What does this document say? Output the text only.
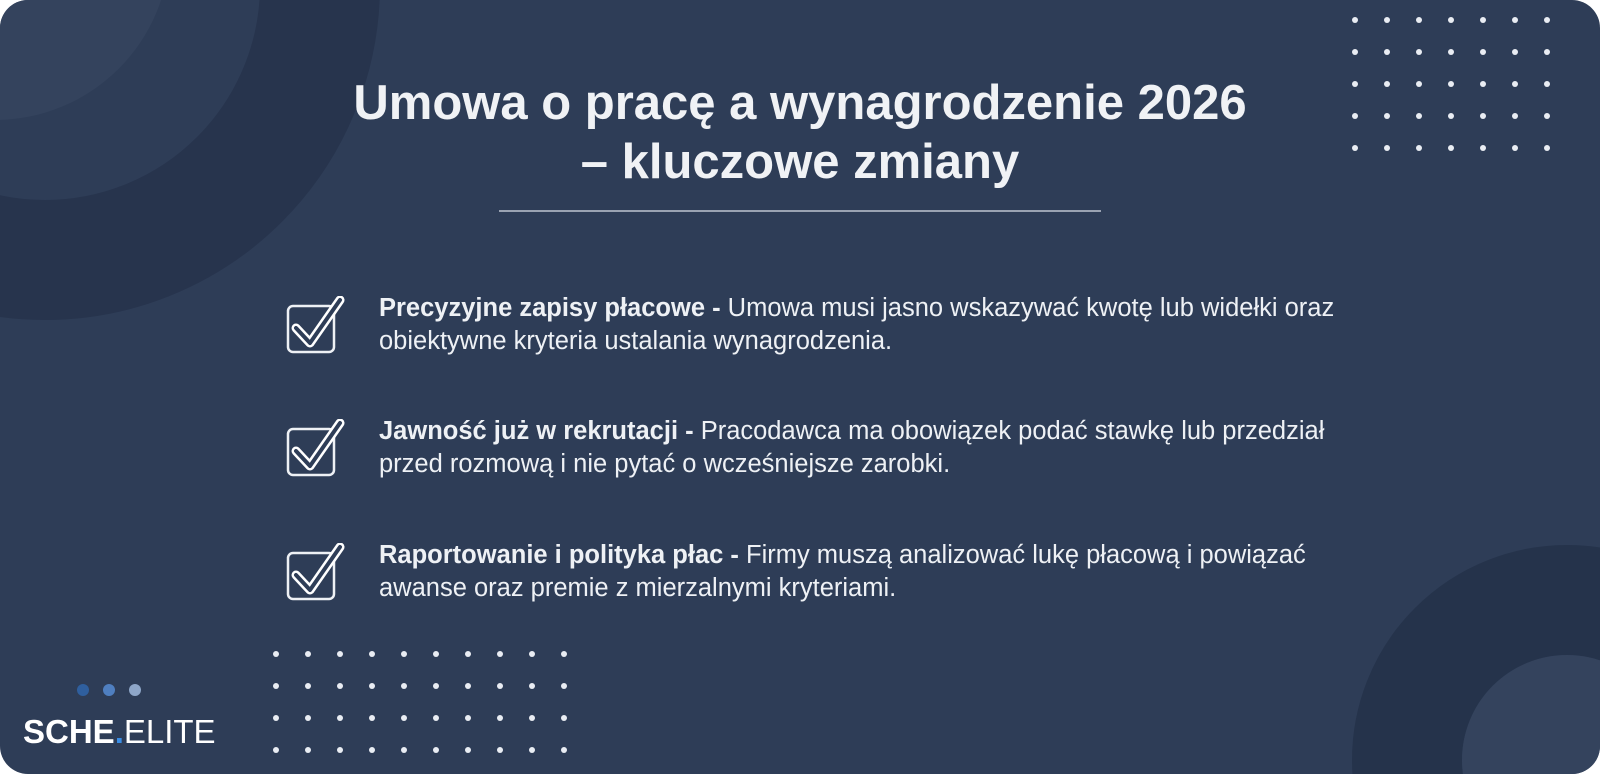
Umowa o pracę a wynagrodzenie 2026
– kluczowe zmiany

Precyzyjne zapisy płacowe - Umowa musi jasno wskazywać kwotę lub widełki oraz obiektywne kryteria ustalania wynagrodzenia.

Jawność już w rekrutacji - Pracodawca ma obowiązek podać stawkę lub przedział przed rozmową i nie pytać o wcześniejsze zarobki.

Raportowanie i polityka płac - Firmy muszą analizować lukę płacową i powiązać awanse oraz premie z mierzalnymi kryteriami.

SCHE.ELITE
